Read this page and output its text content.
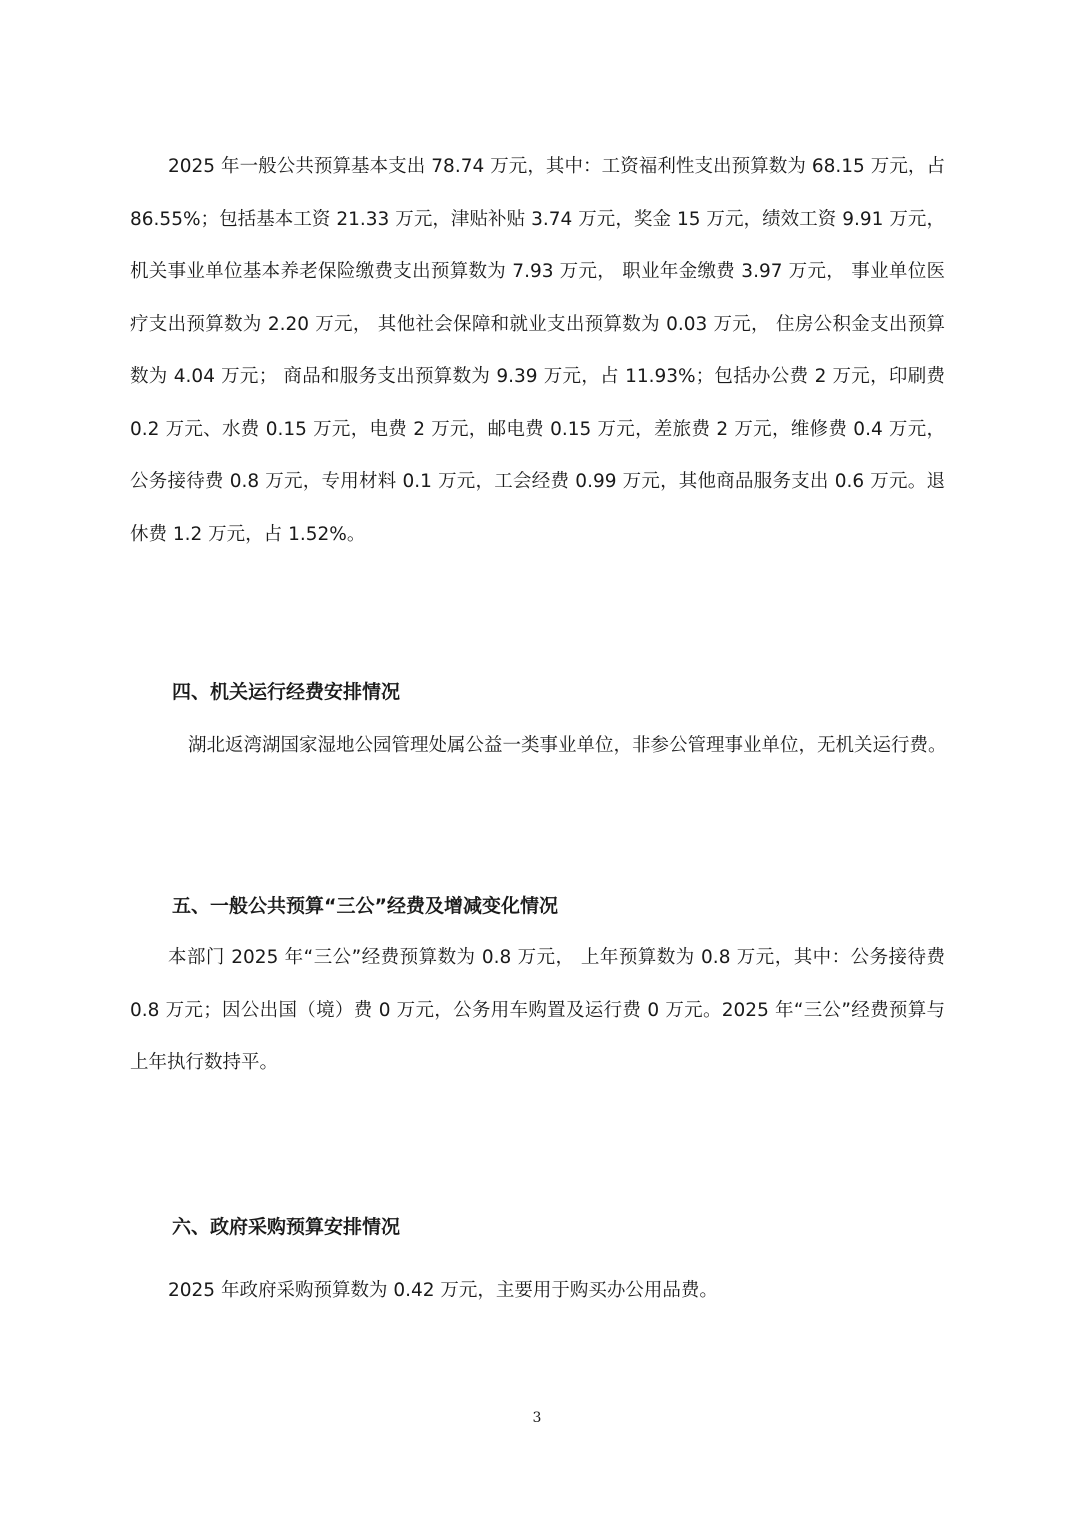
2025 年一般公共预算基本支出 78.74 万元，其中：工资福利性支出预算数为 68.15 万元，占 86.55%；包括基本工资 21.33 万元，津贴补贴 3.74 万元，奖金 15 万元，绩效工资 9.91 万元， 机关事业单位基本养老保险缴费支出预算数为 7.93 万元， 职业年金缴费 3.97 万元， 事业单位医疗支出预算数为 2.20 万元， 其他社会保障和就业支出预算数为 0.03 万元， 住房公积金支出预算数为 4.04 万元； 商品和服务支出预算数为 9.39 万元，占 11.93%；包括办公费 2 万元，印刷费 0.2 万元、水费 0.15 万元，电费 2 万元，邮电费 0.15 万元，差旅费 2 万元，维修费 0.4 万元，公务接待费 0.8 万元，专用材料 0.1 万元，工会经费 0.99 万元，其他商品服务支出 0.6 万元。退休费 1.2 万元，占 1.52%。

四、机关运行经费安排情况

湖北返湾湖国家湿地公园管理处属公益一类事业单位，非参公管理事业单位，无机关运行费。

五、一般公共预算“三公”经费及增减变化情况

本部门 2025 年“三公”经费预算数为 0.8 万元， 上年预算数为 0.8 万元，其中：公务接待费 0.8 万元；因公出国（境）费 0 万元，公务用车购置及运行费 0 万元。2025 年“三公”经费预算与上年执行数持平。

六、政府采购预算安排情况

2025 年政府采购预算数为 0.42 万元，主要用于购买办公用品费。

3
